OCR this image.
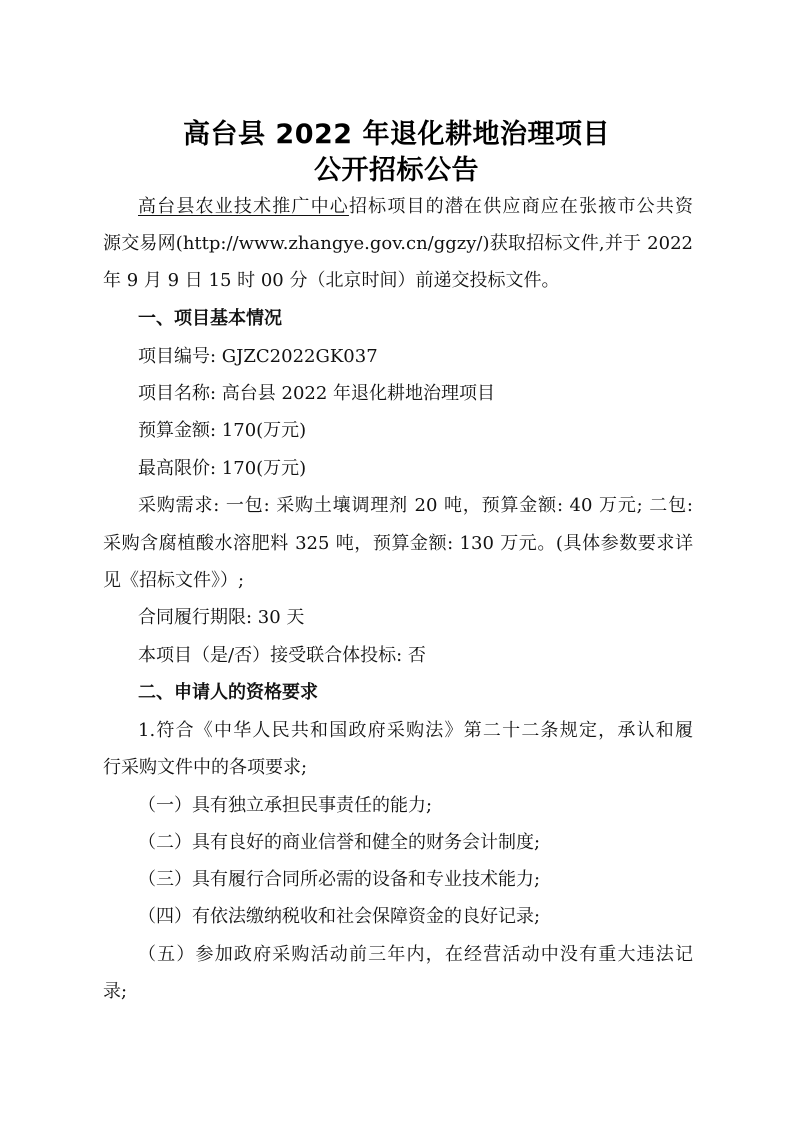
高台县 2022 年退化耕地治理项目
公开招标公告
高台县农业技术推广中心招标项目的潜在供应商应在张掖市公共资
源交易网(http://www.zhangye.gov.cn/ggzy/)获取招标文件,并于 2022
年 9 月 9 日 15 时 00 分（北京时间）前递交投标文件。
一、项目基本情况
项目编号: GJZC2022GK037
项目名称: 高台县 2022 年退化耕地治理项目
预算金额: 170(万元)
最高限价: 170(万元)
采购需求: 一包: 采购土壤调理剂 20 吨，预算金额: 40 万元; 二包:
采购含腐植酸水溶肥料 325 吨，预算金额: 130 万元。(具体参数要求详
见《招标文件》）;
合同履行期限: 30 天
本项目（是/否）接受联合体投标: 否
二、申请人的资格要求
1.符合《中华人民共和国政府采购法》第二十二条规定，承认和履
行采购文件中的各项要求;
（一）具有独立承担民事责任的能力;
（二）具有良好的商业信誉和健全的财务会计制度;
（三）具有履行合同所必需的设备和专业技术能力;
（四）有依法缴纳税收和社会保障资金的良好记录;
（五）参加政府采购活动前三年内，在经营活动中没有重大违法记
录;
